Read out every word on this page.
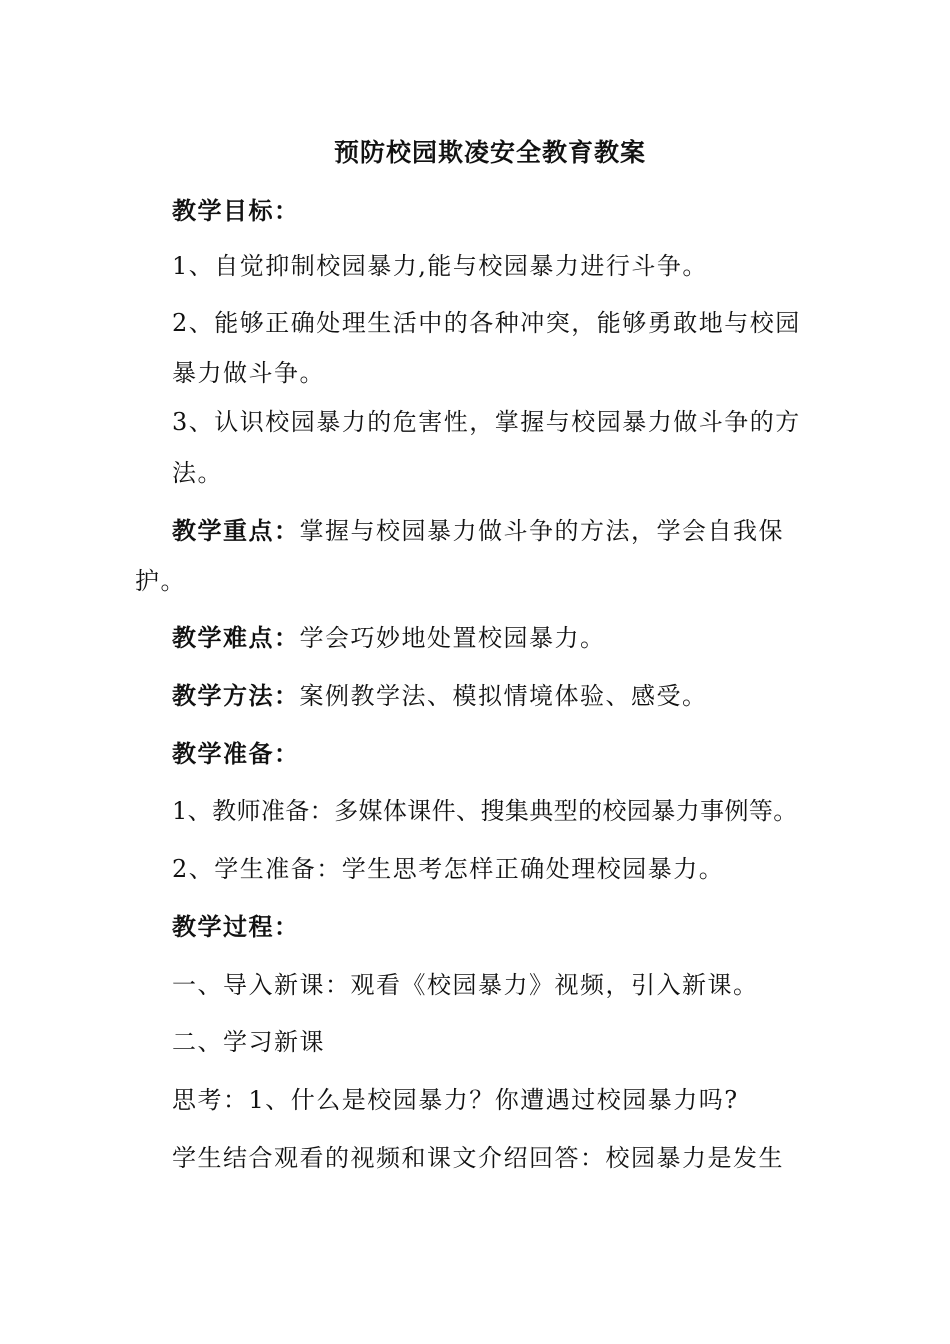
预防校园欺凌安全教育教案
教学目标：
1、自觉抑制校园暴力,能与校园暴力进行斗争。
2、能够正确处理生活中的各种冲突，能够勇敢地与校园
暴力做斗争。
3、认识校园暴力的危害性，掌握与校园暴力做斗争的方
法。
教学重点：掌握与校园暴力做斗争的方法，学会自我保
护。
教学难点：学会巧妙地处置校园暴力。
教学方法：案例教学法、模拟情境体验、感受。
教学准备：
1、教师准备：多媒体课件、搜集典型的校园暴力事例等。
2、学生准备：学生思考怎样正确处理校园暴力。
教学过程：
一、导入新课：观看《校园暴力》视频，引入新课。
二、学习新课
思考：1、什么是校园暴力？你遭遇过校园暴力吗?
学生结合观看的视频和课文介绍回答：校园暴力是发生
